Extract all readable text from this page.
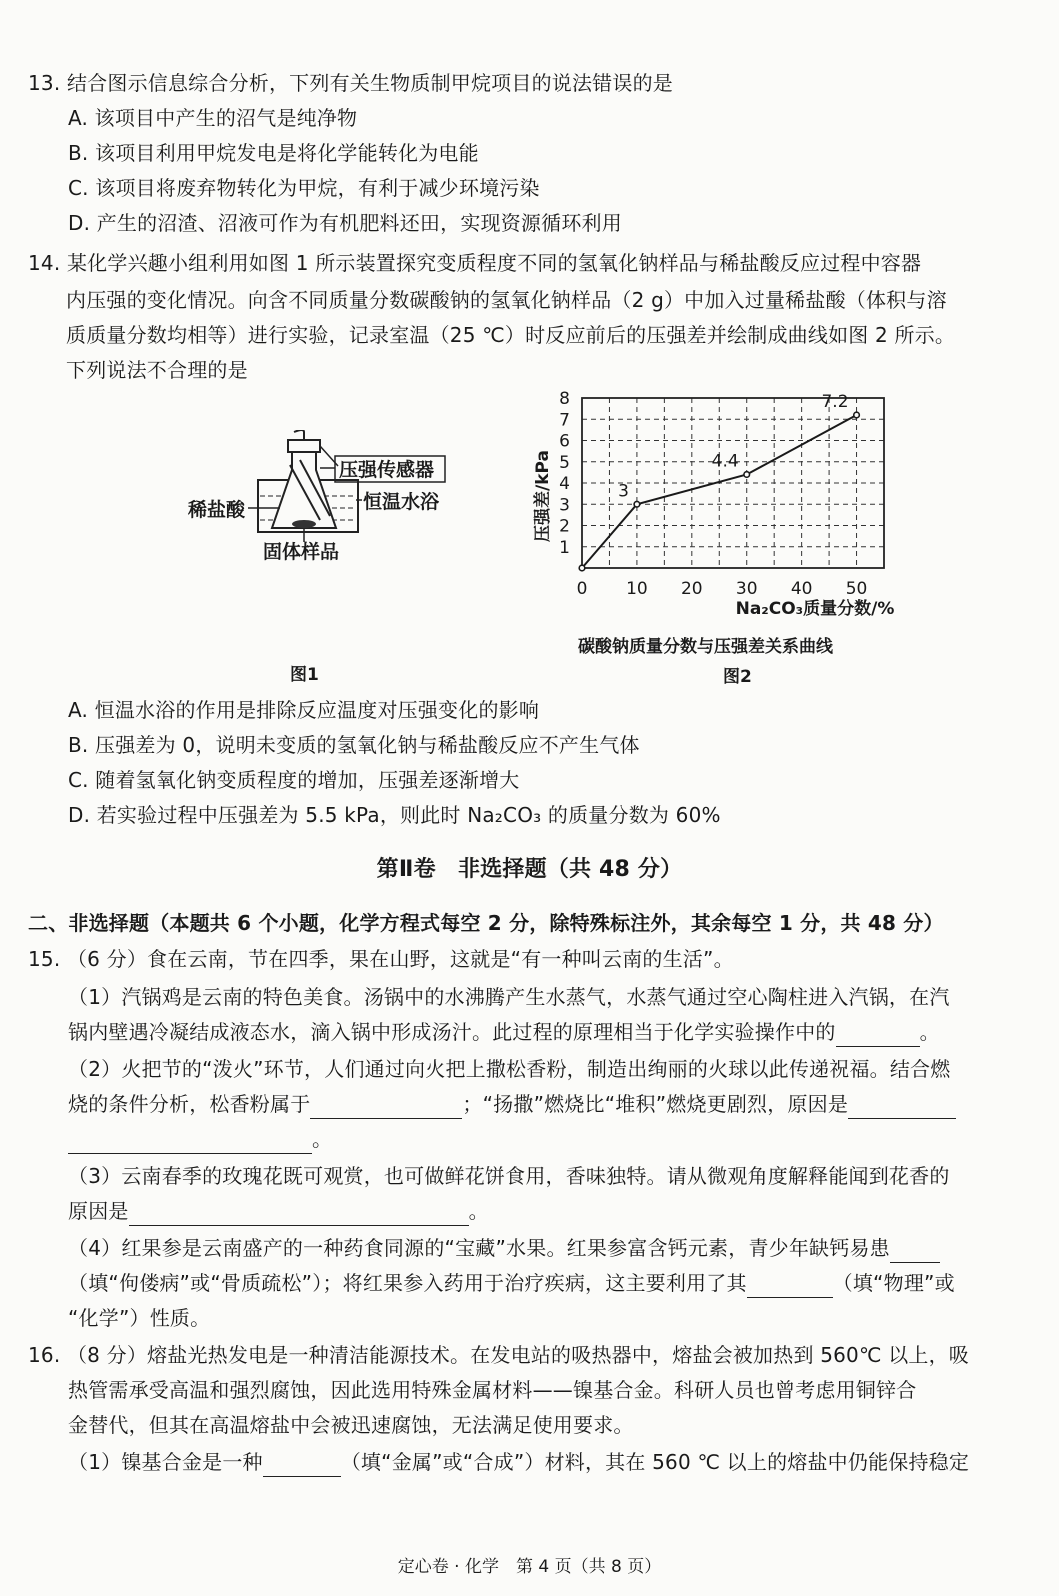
13. 结合图示信息综合分析，下列有关生物质制甲烷项目的说法错误的是
A. 该项目中产生的沼气是纯净物
B. 该项目利用甲烷发电是将化学能转化为电能
C. 该项目将废弃物转化为甲烷，有利于减少环境污染
D. 产生的沼渣、沼液可作为有机肥料还田，实现资源循环利用
14. 某化学兴趣小组利用如图 1 所示装置探究变质程度不同的氢氧化钠样品与稀盐酸反应过程中容器
内压强的变化情况。向含不同质量分数碳酸钠的氢氧化钠样品（2 g）中加入过量稀盐酸（体积与溶
质质量分数均相等）进行实验，记录室温（25 ℃）时反应前后的压强差并绘制成曲线如图 2 所示。
下列说法不合理的是
压强传感器
恒温水浴
稀盐酸
固体样品
图1
1
2
3
4
5
6
7
8
0 10 20 30 40 50
3
4.4
7.2
压强差/kPa
Na₂CO₃质量分数/%
碳酸钠质量分数与压强差关系曲线
图2
A. 恒温水浴的作用是排除反应温度对压强变化的影响
B. 压强差为 0，说明未变质的氢氧化钠与稀盐酸反应不产生气体
C. 随着氢氧化钠变质程度的增加，压强差逐渐增大
D. 若实验过程中压强差为 5.5 kPa，则此时 Na₂CO₃ 的质量分数为 60%
第Ⅱ卷　非选择题（共 48 分）
二、非选择题（本题共 6 个小题，化学方程式每空 2 分，除特殊标注外，其余每空 1 分，共 48 分）
15. （6 分）食在云南，节在四季，果在山野，这就是“有一种叫云南的生活”。
（1）汽锅鸡是云南的特色美食。汤锅中的水沸腾产生水蒸气，水蒸气通过空心陶柱进入汽锅，在汽
锅内壁遇冷凝结成液态水，滴入锅中形成汤汁。此过程的原理相当于化学实验操作中的	。
（2）火把节的“泼火”环节，人们通过向火把上撒松香粉，制造出绚丽的火球以此传递祝福。结合燃
烧的条件分析，松香粉属于	；“扬撒”燃烧比“堆积”燃烧更剧烈，原因是
。
（3）云南春季的玫瑰花既可观赏，也可做鲜花饼食用，香味独特。请从微观角度解释能闻到花香的
原因是	。
（4）红果参是云南盛产的一种药食同源的“宝藏”水果。红果参富含钙元素，青少年缺钙易患
（填“佝偻病”或“骨质疏松”）；将红果参入药用于治疗疾病，这主要利用了其	（填“物理”或
“化学”）性质。
16. （8 分）熔盐光热发电是一种清洁能源技术。在发电站的吸热器中，熔盐会被加热到 560℃ 以上，吸
热管需承受高温和强烈腐蚀，因此选用特殊金属材料——镍基合金。科研人员也曾考虑用铜锌合
金替代，但其在高温熔盐中会被迅速腐蚀，无法满足使用要求。
（1）镍基合金是一种	（填“金属”或“合成”）材料，其在 560 ℃ 以上的熔盐中仍能保持稳定
定心卷 · 化学　第 4 页（共 8 页）
